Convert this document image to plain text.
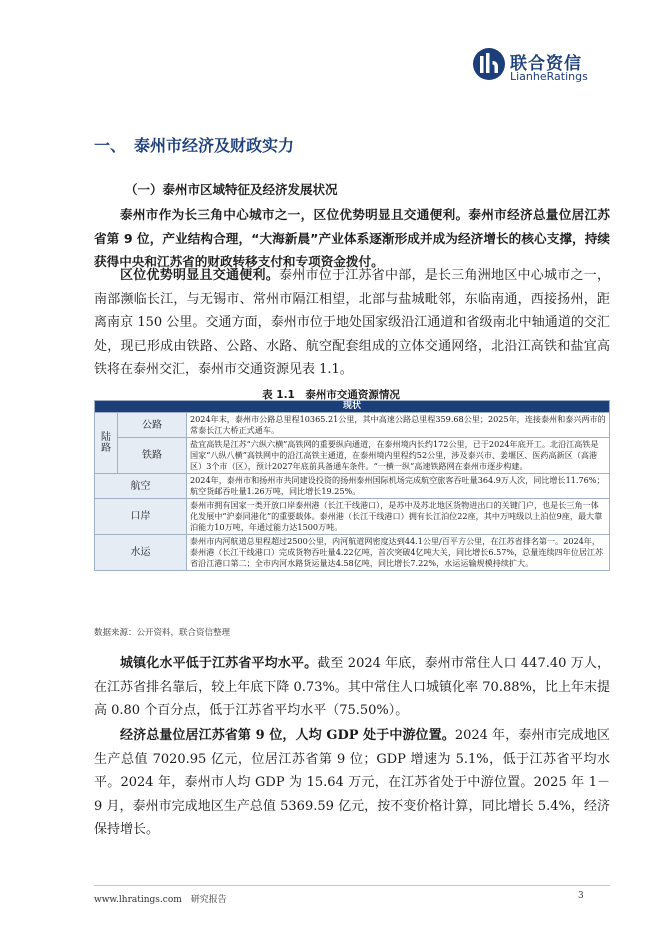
联合资信
LianheRatings
一、 泰州市经济及财政实力
（一）泰州市区域特征及经济发展状况

泰州市作为长三角中心城市之一，区位优势明显且交通便利。泰州市经济总量位居江苏省第 9 位，产业结构合理，“大海新晨”产业体系逐渐形成并成为经济增长的核心支撑，持续获得中央和江苏省的财政转移支付和专项资金拨付。

区位优势明显且交通便利。泰州市位于江苏省中部，是长三角洲地区中心城市之一，南部濒临长江，与无锡市、常州市隔江相望，北部与盐城毗邻，东临南通，西接扬州，距离南京 150 公里。交通方面，泰州市位于地处国家级沿江通道和省级南北中轴通道的交汇处，现已形成由铁路、公路、水路、航空配套组成的立体交通网络，北沿江高铁和盐宜高铁将在泰州交汇，泰州市交通资源见表 1.1。

表 1.1　泰州市交通资源情况
现状		
陆路	公路	2024年末，泰州市公路总里程10365.21公里，其中高速公路总里程359.68公里；2025年，连接泰州和泰兴两市的常泰长江大桥正式通车。
	铁路	盐宜高铁是江苏“六纵六横”高铁网的重要纵向通道，在泰州境内长约172公里，已于2024年底开工。北沿江高铁是国家“八纵八横”高铁网中的沿江高铁主通道，在泰州境内里程约52公里，涉及泰兴市、姜堰区、医药高新区（高港区）3个市（区），预计2027年底前具备通车条件。“一横一纵”高速铁路网在泰州市逐步构建。
航空		2024年，泰州市和扬州市共同建设投资的扬州泰州国际机场完成航空旅客吞吐量364.9万人次，同比增长11.76%；航空货邮吞吐量1.26万吨，同比增长19.25%。
口岸		泰州市拥有国家一类开放口岸泰州港（长江干线港口），是苏中及苏北地区货物进出口的关键门户，也是长三角一体化发展中“沪泰同港化”的重要载体。泰州港（长江干线港口）拥有长江泊位22座，其中万吨级以上泊位9座，最大靠泊能力10万吨，年通过能力达1500万吨。
水运		泰州市内河航道总里程超过2500公里，内河航道网密度达到44.1公里/百平方公里，在江苏省排名第一。2024年，泰州港（长江干线港口）完成货物吞吐量4.22亿吨，首次突破4亿吨大关，同比增长6.57%，总量连续四年位居江苏省沿江港口第二；全市内河水路货运量达4.58亿吨，同比增长7.22%，水运运输规模持续扩大。
数据来源：公开资料，联合资信整理

城镇化水平低于江苏省平均水平。截至 2024 年底，泰州市常住人口 447.40 万人，在江苏省排名靠后，较上年底下降 0.73%。其中常住人口城镇化率 70.88%，比上年末提高 0.80 个百分点，低于江苏省平均水平（75.50%）。

经济总量位居江苏省第 9 位，人均 GDP 处于中游位置。2024 年，泰州市完成地区生产总值 7020.95 亿元，位居江苏省第 9 位；GDP 增速为 5.1%，低于江苏省平均水平。2024 年，泰州市人均 GDP 为 15.64 万元，在江苏省处于中游位置。2025 年 1－9 月，泰州市完成地区生产总值 5369.59 亿元，按不变价格计算，同比增长 5.4%，经济保持增长。

www.lhratings.com　研究报告	3
